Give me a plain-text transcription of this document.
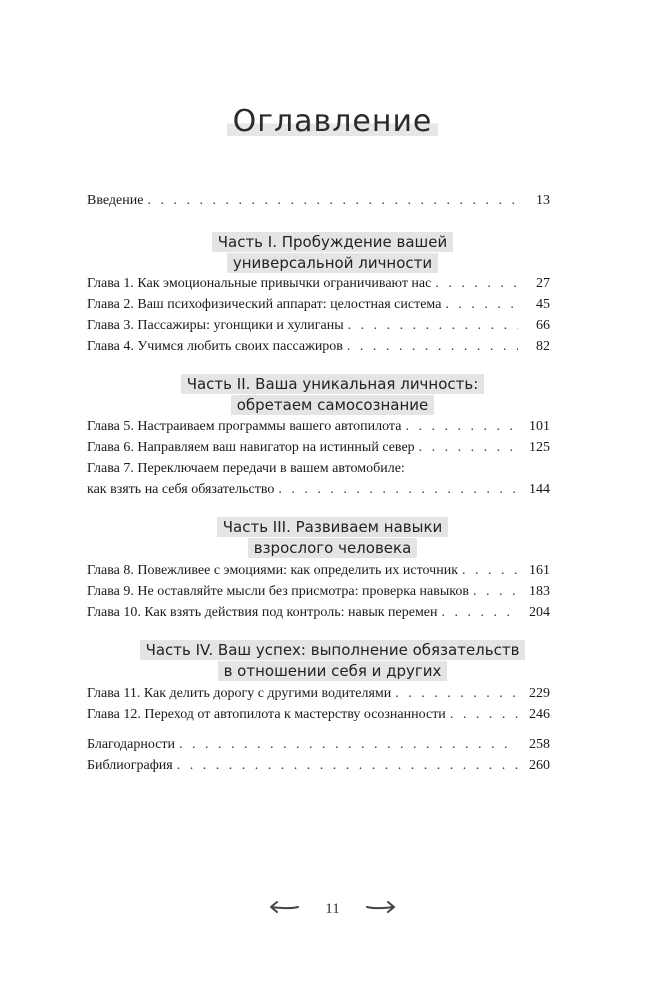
Оглавление
Введение . . .	13
Часть I. Пробуждение вашей
универсальной личности
Глава 1. Как эмоциональные привычки ограничивают нас . . .	27
Глава 2. Ваш психофизический аппарат: целостная система . . .	45
Глава 3. Пассажиры: угонщики и хулиганы . . .	66
Глава 4. Учимся любить своих пассажиров . . .	82
Часть II. Ваша уникальная личность:
обретаем самосознание
Глава 5. Настраиваем программы вашего автопилота . . .	101
Глава 6. Направляем ваш навигатор на истинный север . . .	125
Глава 7. Переключаем передачи в вашем автомобиле:
как взять на себя обязательство . . .	144
Часть III. Развиваем навыки
взрослого человека
Глава 8. Повежливее с эмоциями: как определить их источник . . .	161
Глава 9. Не оставляйте мысли без присмотра: проверка навыков . . .	183
Глава 10. Как взять действия под контроль: навык перемен . . .	204
Часть IV. Ваш успех: выполнение обязательств
в отношении себя и других
Глава 11. Как делить дорогу с другими водителями . . .	229
Глава 12. Переход от автопилота к мастерству осознанности . . .	246
Благодарности . . .	258
Библиография . . .	260
11
